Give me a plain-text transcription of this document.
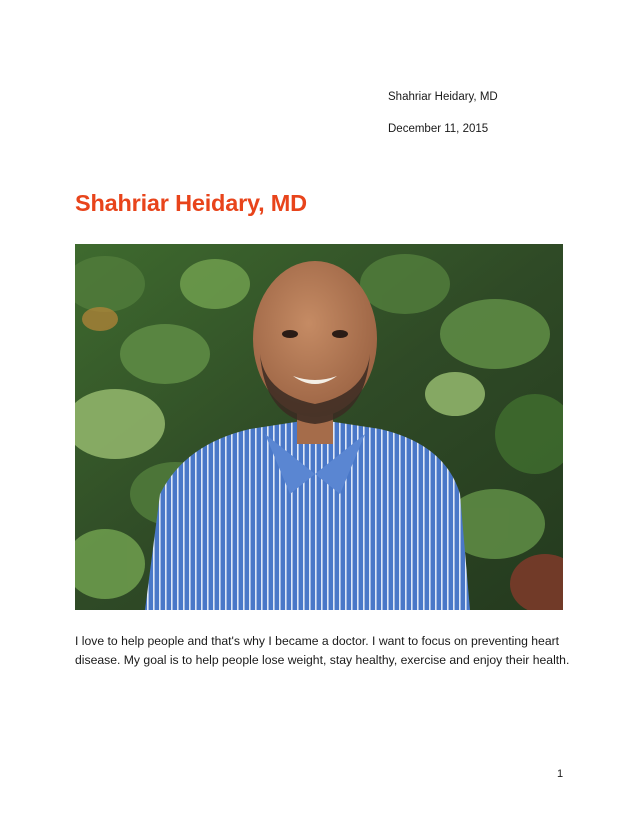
Shahriar Heidary, MD
December 11, 2015
Shahriar Heidary, MD

I love to help people and that's why I became a doctor. I want to focus on preventing heart disease. My goal is to help people lose weight, stay healthy, exercise and enjoy their health.

1
